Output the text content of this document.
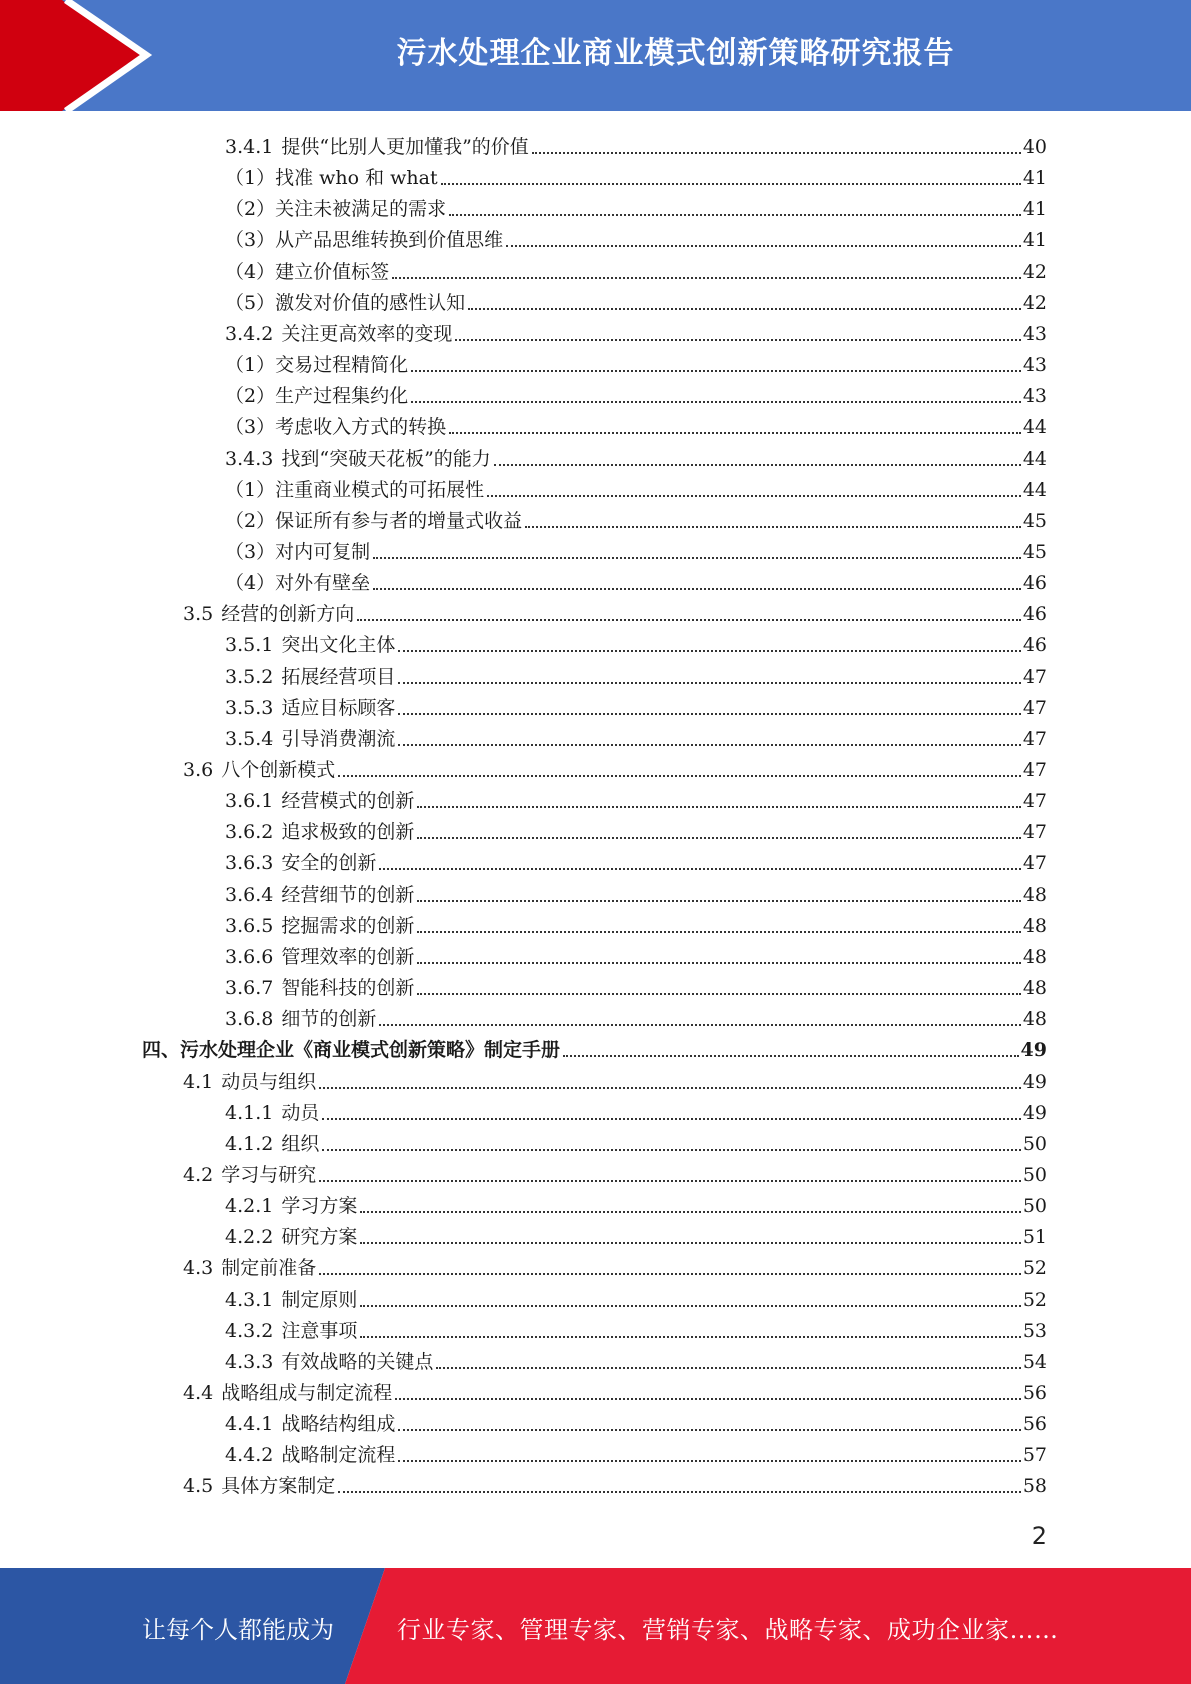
污水处理企业商业模式创新策略研究报告
3.4.1 提供“比别人更加懂我”的价值	40
（1） 找准 who 和 what	41
（2） 关注未被满足的需求	41
（3） 从产品思维转换到价值思维	41
（4） 建立价值标签	42
（5） 激发对价值的感性认知	42
3.4.2 关注更高效率的变现	43
（1） 交易过程精简化	43
（2） 生产过程集约化	43
（3） 考虑收入方式的转换	44
3.4.3 找到“突破天花板”的能力	44
（1） 注重商业模式的可拓展性	44
（2） 保证所有参与者的增量式收益	45
（3） 对内可复制	45
（4） 对外有壁垒	46
3.5 经营的创新方向	46
3.5.1 突出文化主体	46
3.5.2 拓展经营项目	47
3.5.3 适应目标顾客	47
3.5.4 引导消费潮流	47
3.6 八个创新模式	47
3.6.1 经营模式的创新	47
3.6.2 追求极致的创新	47
3.6.3 安全的创新	47
3.6.4 经营细节的创新	48
3.6.5 挖掘需求的创新	48
3.6.6 管理效率的创新	48
3.6.7 智能科技的创新	48
3.6.8 细节的创新	48
四、 污水处理企业《商业模式创新策略》制定手册	49
4.1 动员与组织	49
4.1.1 动员	49
4.1.2 组织	50
4.2 学习与研究	50
4.2.1 学习方案	50
4.2.2 研究方案	51
4.3 制定前准备	52
4.3.1 制定原则	52
4.3.2 注意事项	53
4.3.3 有效战略的关键点	54
4.4 战略组成与制定流程	56
4.4.1 战略结构组成	56
4.4.2 战略制定流程	57
4.5 具体方案制定	58
2
让每个人都能成为	行业专家、管理专家、营销专家、战略专家、成功企业家……
